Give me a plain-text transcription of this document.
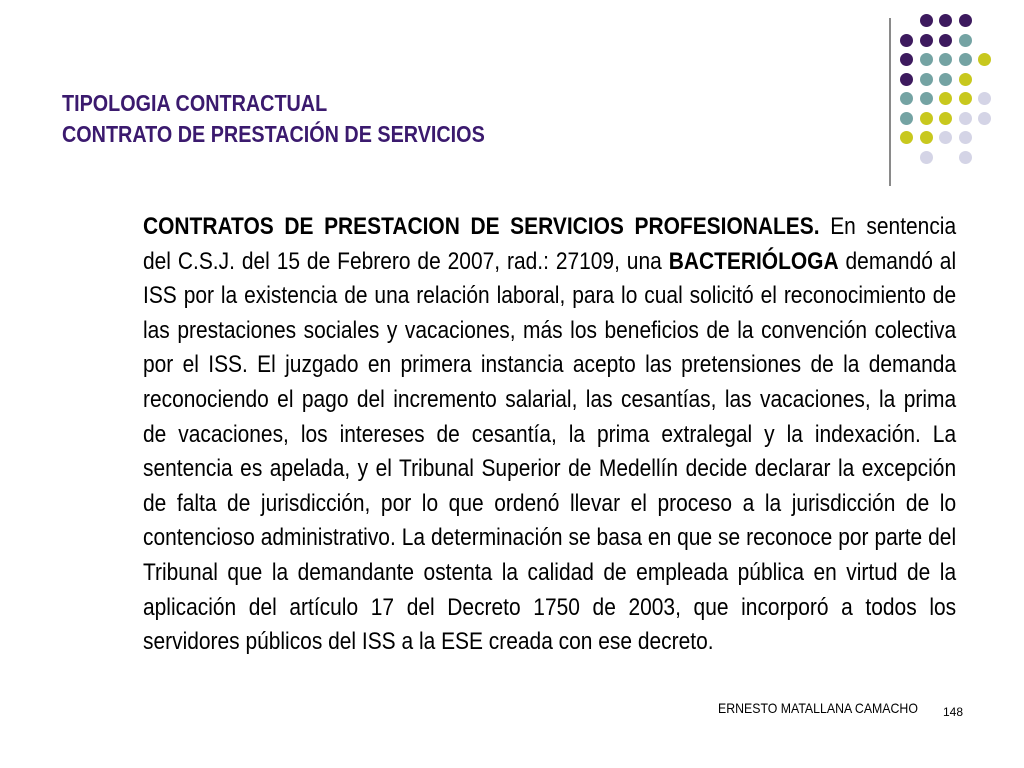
TIPOLOGIA CONTRACTUAL
CONTRATO DE PRESTACIÓN DE SERVICIOS
CONTRATOS DE PRESTACION DE SERVICIOS PROFESIONALES. En sentencia del C.S.J. del 15 de Febrero de 2007, rad.: 27109, una BACTERIÓLOGA demandó al ISS por la existencia de una relación laboral, para lo cual solicitó el reconocimiento de las prestaciones sociales y vacaciones, más los beneficios de la convención colectiva por el ISS. El juzgado en primera instancia acepto las pretensiones de la demanda reconociendo el pago del incremento salarial, las cesantías, las vacaciones, la prima de vacaciones, los intereses de cesantía, la prima extralegal y la indexación. La sentencia es apelada, y el Tribunal Superior de Medellín decide declarar la excepción de falta de jurisdicción, por lo que ordenó llevar el proceso a la jurisdicción de lo contencioso administrativo. La determinación se basa en que se reconoce por parte del Tribunal que la demandante ostenta la calidad de empleada pública en virtud de la aplicación del artículo 17 del Decreto 1750 de 2003, que incorporó a todos los servidores públicos del ISS a la ESE creada con ese decreto.
ERNESTO MATALLANA CAMACHO 148
